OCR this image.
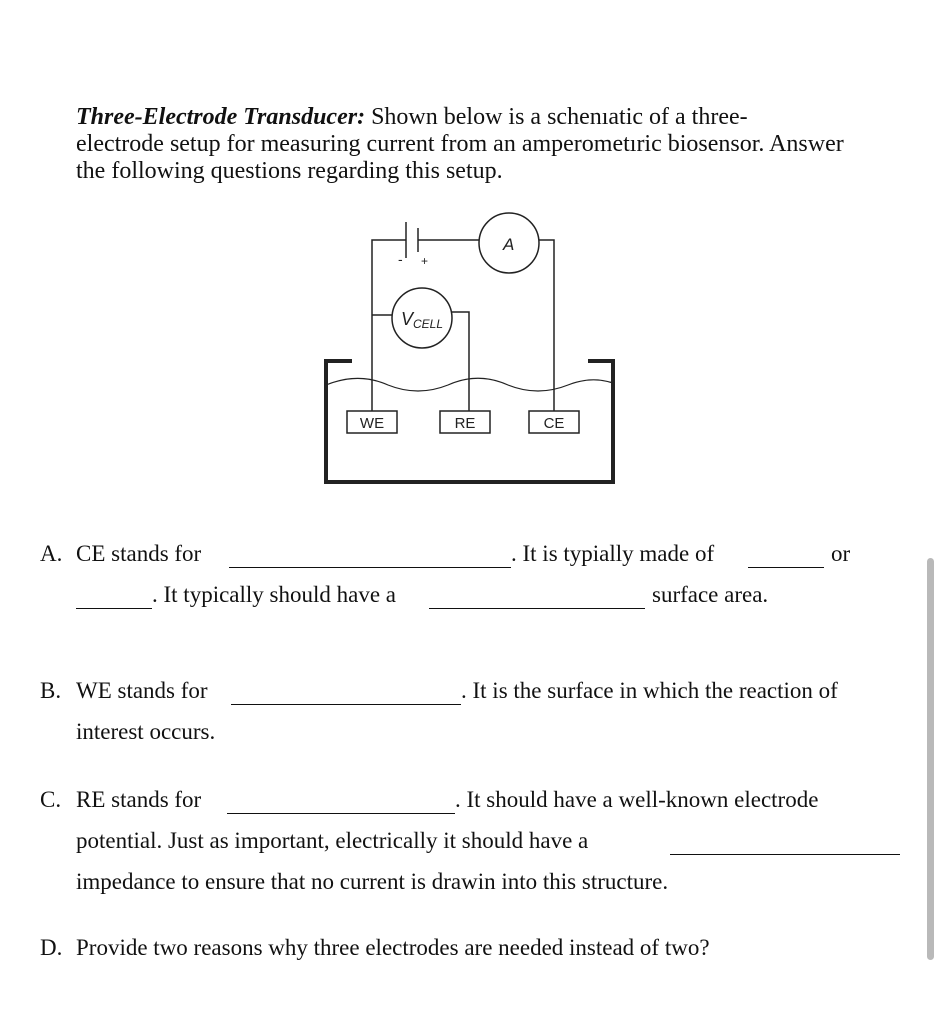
Three-Electrode Transducer: Shown below is a schenıatic of a three-
electrode setup for measuring current from an amperometıric biosensor. Answer
the following questions regarding this setup.
- +
A
VCELL
WE	RE	CE
A. CE stands for	. It is typially made of	or
. It typically should have a	surface area.
B. WE stands for	. It is the surface in which the reaction of
interest occurs.
C. RE stands for	. It should have a well-known electrode
potential. Just as important, electrically it should have a
impedance to ensure that no current is drawin into this structure.
D. Provide two reasons why three electrodes are needed instead of two?
